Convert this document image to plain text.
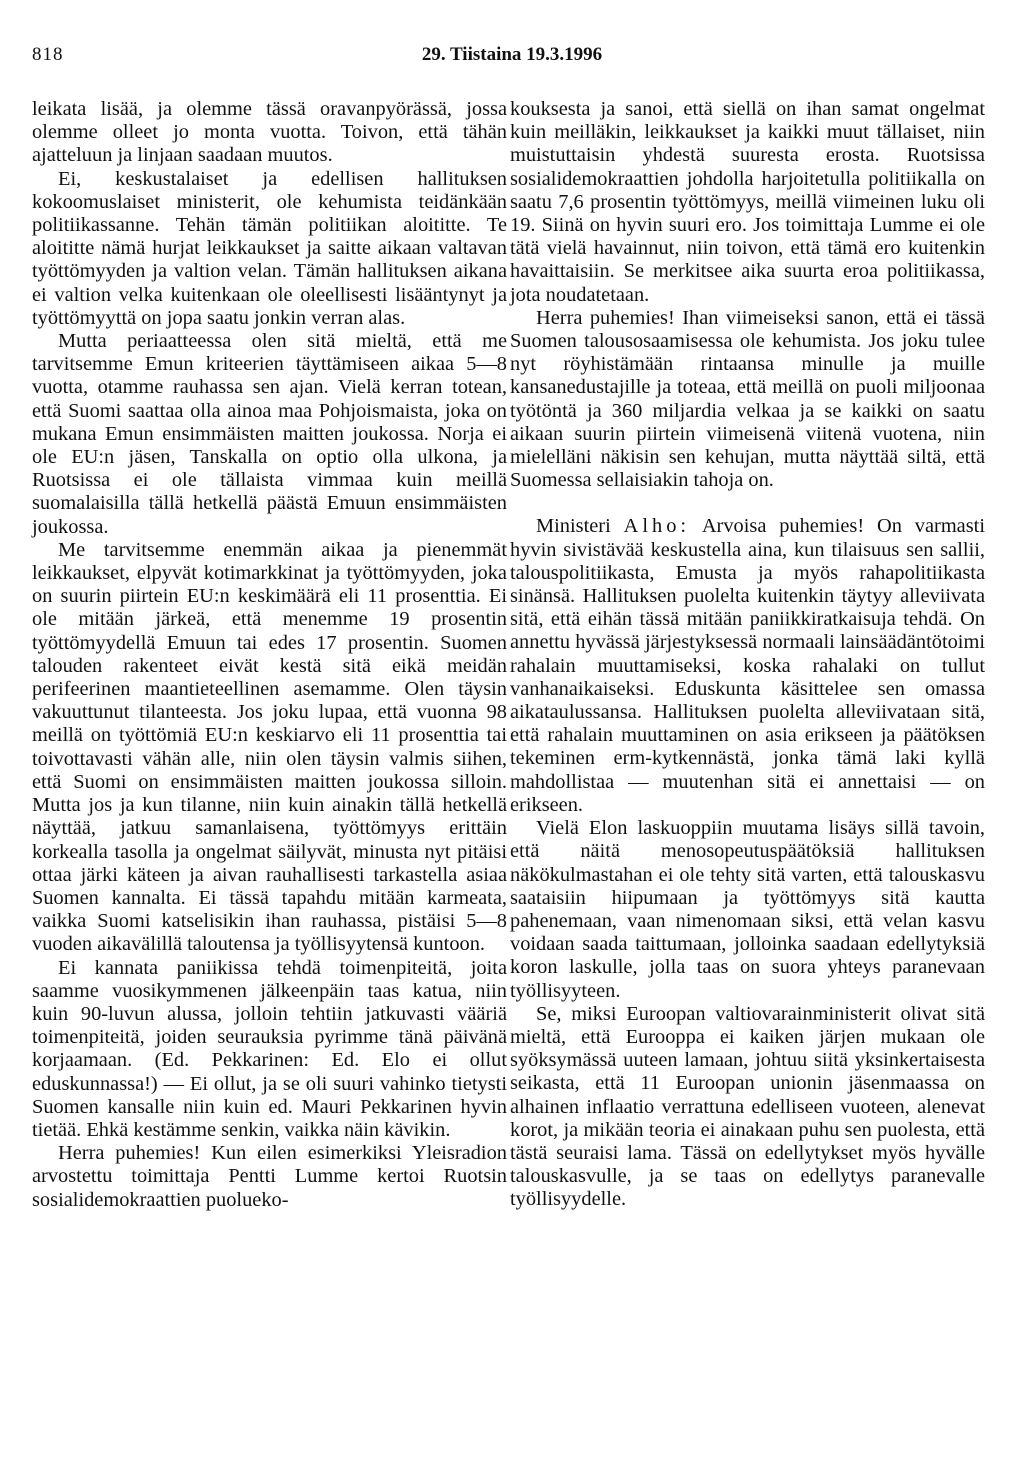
818	29. Tiistaina 19.3.1996

leikata lisää, ja olemme tässä oravanpyörässä, jossa olemme olleet jo monta vuotta. Toivon, että tähän ajatteluun ja linjaan saadaan muutos.

Ei, keskustalaiset ja edellisen hallituksen kokoomuslaiset ministerit, ole kehumista teidänkään politiikassanne. Tehän tämän politiikan aloititte. Te aloititte nämä hurjat leikkaukset ja saitte aikaan valtavan työttömyyden ja valtion velan. Tämän hallituksen aikana ei valtion velka kuitenkaan ole oleellisesti lisääntynyt ja työttömyyttä on jopa saatu jonkin verran alas.

Mutta periaatteessa olen sitä mieltä, että me tarvitsemme Emun kriteerien täyttämiseen aikaa 5—8 vuotta, otamme rauhassa sen ajan. Vielä kerran totean, että Suomi saattaa olla ainoa maa Pohjoismaista, joka on mukana Emun ensimmäisten maitten joukossa. Norja ei ole EU:n jäsen, Tanskalla on optio olla ulkona, ja Ruotsissa ei ole tällaista vimmaa kuin meillä suomalaisilla tällä hetkellä päästä Emuun ensimmäisten joukossa.

Me tarvitsemme enemmän aikaa ja pienemmät leikkaukset, elpyvät kotimarkkinat ja työttömyyden, joka on suurin piirtein EU:n keskimäärä eli 11 prosenttia. Ei ole mitään järkeä, että menemme 19 prosentin työttömyydellä Emuun tai edes 17 prosentin. Suomen talouden rakenteet eivät kestä sitä eikä meidän perifeerinen maantieteellinen asemamme. Olen täysin vakuuttunut tilanteesta. Jos joku lupaa, että vuonna 98 meillä on työttömiä EU:n keskiarvo eli 11 prosenttia tai toivottavasti vähän alle, niin olen täysin valmis siihen, että Suomi on ensimmäisten maitten joukossa silloin. Mutta jos ja kun tilanne, niin kuin ainakin tällä hetkellä näyttää, jatkuu samanlaisena, työttömyys erittäin korkealla tasolla ja ongelmat säilyvät, minusta nyt pitäisi ottaa järki käteen ja aivan rauhallisesti tarkastella asiaa Suomen kannalta. Ei tässä tapahdu mitään karmeata, vaikka Suomi katselisikin ihan rauhassa, pistäisi 5—8 vuoden aikavälillä taloutensa ja työllisyytensä kuntoon.

Ei kannata paniikissa tehdä toimenpiteitä, joita saamme vuosikymmenen jälkeenpäin taas katua, niin kuin 90-luvun alussa, jolloin tehtiin jatkuvasti vääriä toimenpiteitä, joiden seurauksia pyrimme tänä päivänä korjaamaan. (Ed. Pekkarinen: Ed. Elo ei ollut eduskunnassa!) — Ei ollut, ja se oli suuri vahinko tietysti Suomen kansalle niin kuin ed. Mauri Pekkarinen hyvin tietää. Ehkä kestämme senkin, vaikka näin kävikin.

Herra puhemies! Kun eilen esimerkiksi Yleisradion arvostettu toimittaja Pentti Lumme kertoi Ruotsin sosialidemokraattien puolueko-

kouksesta ja sanoi, että siellä on ihan samat ongelmat kuin meilläkin, leikkaukset ja kaikki muut tällaiset, niin muistuttaisin yhdestä suuresta erosta. Ruotsissa sosialidemokraattien johdolla harjoitetulla politiikalla on saatu 7,6 prosentin työttömyys, meillä viimeinen luku oli 19. Siinä on hyvin suuri ero. Jos toimittaja Lumme ei ole tätä vielä havainnut, niin toivon, että tämä ero kuitenkin havaittaisiin. Se merkitsee aika suurta eroa politiikassa, jota noudatetaan.

Herra puhemies! Ihan viimeiseksi sanon, että ei tässä Suomen talousosaamisessa ole kehumista. Jos joku tulee nyt röyhistämään rintaansa minulle ja muille kansanedustajille ja toteaa, että meillä on puoli miljoonaa työtöntä ja 360 miljardia velkaa ja se kaikki on saatu aikaan suurin piirtein viimeisenä viitenä vuotena, niin mielelläni näkisin sen kehujan, mutta näyttää siltä, että Suomessa sellaisiakin tahoja on.

Ministeri Alho: Arvoisa puhemies! On varmasti hyvin sivistävää keskustella aina, kun tilaisuus sen sallii, talouspolitiikasta, Emusta ja myös rahapolitiikasta sinänsä. Hallituksen puolelta kuitenkin täytyy alleviivata sitä, että eihän tässä mitään paniikkiratkaisuja tehdä. On annettu hyvässä järjestyksessä normaali lainsäädäntötoimi rahalain muuttamiseksi, koska rahalaki on tullut vanhanaikaiseksi. Eduskunta käsittelee sen omassa aikataulussansa. Hallituksen puolelta alleviivataan sitä, että rahalain muuttaminen on asia erikseen ja päätöksen tekeminen erm-kytkennästä, jonka tämä laki kyllä mahdollistaa — muutenhan sitä ei annettaisi — on erikseen.

Vielä Elon laskuoppiin muutama lisäys sillä tavoin, että näitä menosopeutuspäätöksiä hallituksen näkökulmastahan ei ole tehty sitä varten, että talouskasvu saataisiin hiipumaan ja työttömyys sitä kautta pahenemaan, vaan nimenomaan siksi, että velan kasvu voidaan saada taittumaan, jolloinka saadaan edellytyksiä koron laskulle, jolla taas on suora yhteys paranevaan työllisyyteen.

Se, miksi Euroopan valtiovarainministerit olivat sitä mieltä, että Eurooppa ei kaiken järjen mukaan ole syöksymässä uuteen lamaan, johtuu siitä yksinkertaisesta seikasta, että 11 Euroopan unionin jäsenmaassa on alhainen inflaatio verrattuna edelliseen vuoteen, alenevat korot, ja mikään teoria ei ainakaan puhu sen puolesta, että tästä seuraisi lama. Tässä on edellytykset myös hyvälle talouskasvulle, ja se taas on edellytys paranevalle työllisyydelle.
